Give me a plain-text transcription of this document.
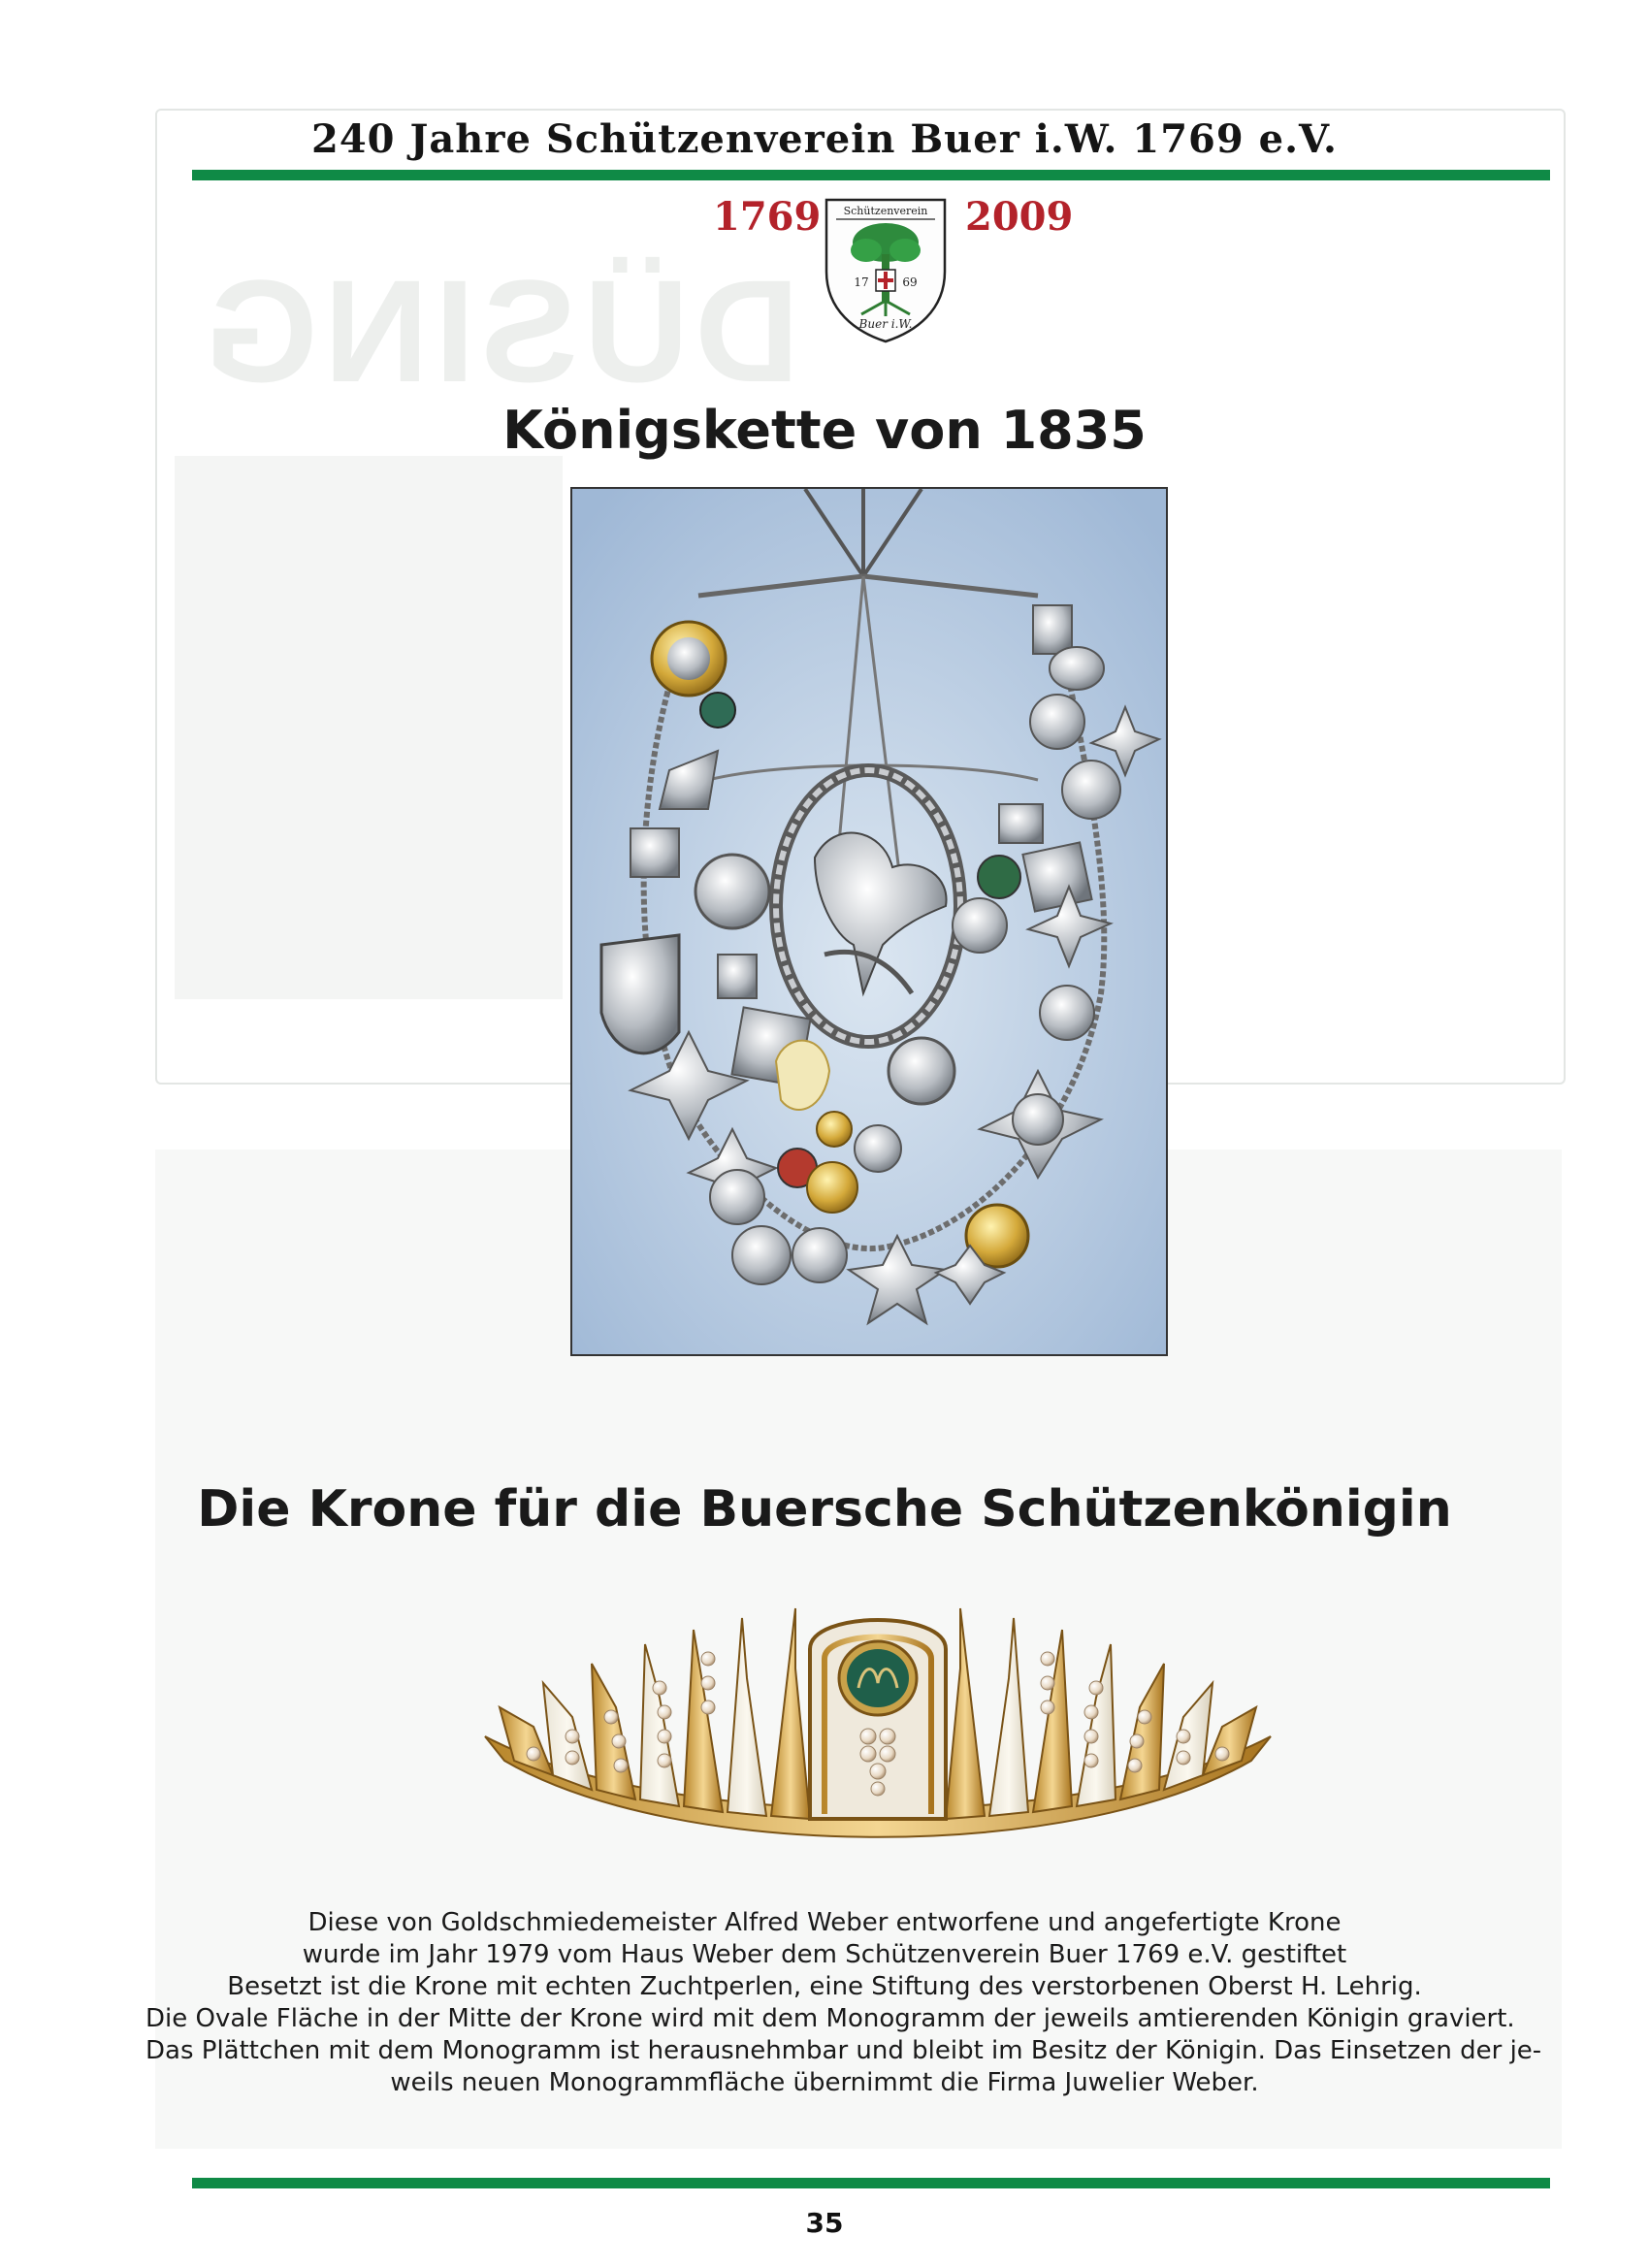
DÜSING

240 Jahre Schützenverein Buer i.W. 1769 e.V.
1769	2009
Schützenverein
17	69
Buer i.W.
Königskette von 1835
Die Krone für die Buersche Schützenkönigin
Diese von Goldschmiedemeister Alfred Weber entworfene und angefertigte Krone
wurde im Jahr 1979 vom Haus Weber dem Schützenverein Buer 1769 e.V. gestiftet
Besetzt ist die Krone mit echten Zuchtperlen, eine Stiftung des verstorbenen Oberst H. Lehrig.
Die Ovale Fläche in der Mitte der Krone wird mit dem Monogramm der jeweils amtierenden Königin graviert.
Das Plättchen mit dem Monogramm ist herausnehmbar und bleibt im Besitz der Königin. Das Einsetzen der je-
weils neuen Monogrammfläche übernimmt die Firma Juwelier Weber.
35
